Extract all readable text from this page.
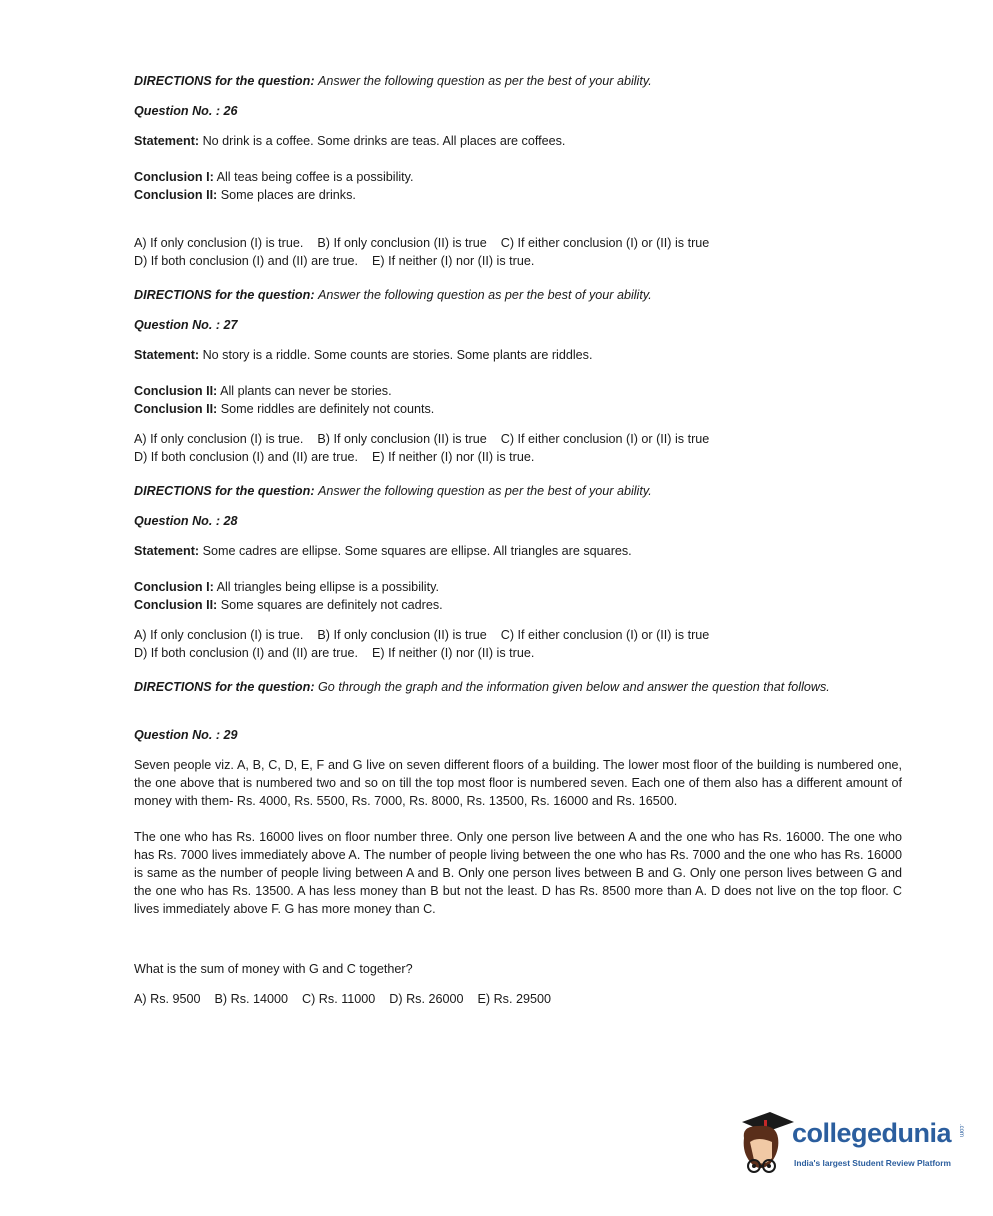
DIRECTIONS for the question: Answer the following question as per the best of your ability.

Question No. : 26

Statement: No drink is a coffee. Some drinks are teas. All places are coffees.

Conclusion I: All teas being coffee is a possibility.

Conclusion II: Some places are drinks.

A) If only conclusion (I) is true.    B) If only conclusion (II) is true    C) If either conclusion (I) or (II) is true

D) If both conclusion (I) and (II) are true.    E) If neither (I) nor (II) is true.

DIRECTIONS for the question: Answer the following question as per the best of your ability.

Question No. : 27

Statement: No story is a riddle. Some counts are stories. Some plants are riddles.

Conclusion II: All plants can never be stories.

Conclusion II: Some riddles are definitely not counts.

A) If only conclusion (I) is true.    B) If only conclusion (II) is true    C) If either conclusion (I) or (II) is true

D) If both conclusion (I) and (II) are true.    E) If neither (I) nor (II) is true.

DIRECTIONS for the question: Answer the following question as per the best of your ability.

Question No. : 28

Statement: Some cadres are ellipse. Some squares are ellipse. All triangles are squares.

Conclusion I: All triangles being ellipse is a possibility.

Conclusion II: Some squares are definitely not cadres.

A) If only conclusion (I) is true.    B) If only conclusion (II) is true    C) If either conclusion (I) or (II) is true

D) If both conclusion (I) and (II) are true.    E) If neither (I) nor (II) is true.

DIRECTIONS for the question: Go through the graph and the information given below and answer the question that follows.

Question No. : 29

Seven people viz. A, B, C, D, E, F and G live on seven different floors of a building. The lower most floor of the building is numbered one, the one above that is numbered two and so on till the top most floor is numbered seven. Each one of them also has a different amount of money with them- Rs. 4000, Rs. 5500, Rs. 7000, Rs. 8000, Rs. 13500, Rs. 16000 and Rs. 16500.

The one who has Rs. 16000 lives on floor number three. Only one person live between A and the one who has Rs. 16000. The one who has Rs. 7000 lives immediately above A. The number of people living between the one who has Rs. 7000 and the one who has Rs. 16000 is same as the number of people living between A and B. Only one person lives between B and G. Only one person lives between G and the one who has Rs. 13500. A has less money than B but not the least. D has Rs. 8500 more than A. D does not live on the top floor. C lives immediately above F. G has more money than C.

What is the sum of money with G and C together?

A) Rs. 9500 B) Rs. 14000 C) Rs. 11000 D) Rs. 26000 E) Rs. 29500

collegedunia .com
India's largest Student Review Platform
